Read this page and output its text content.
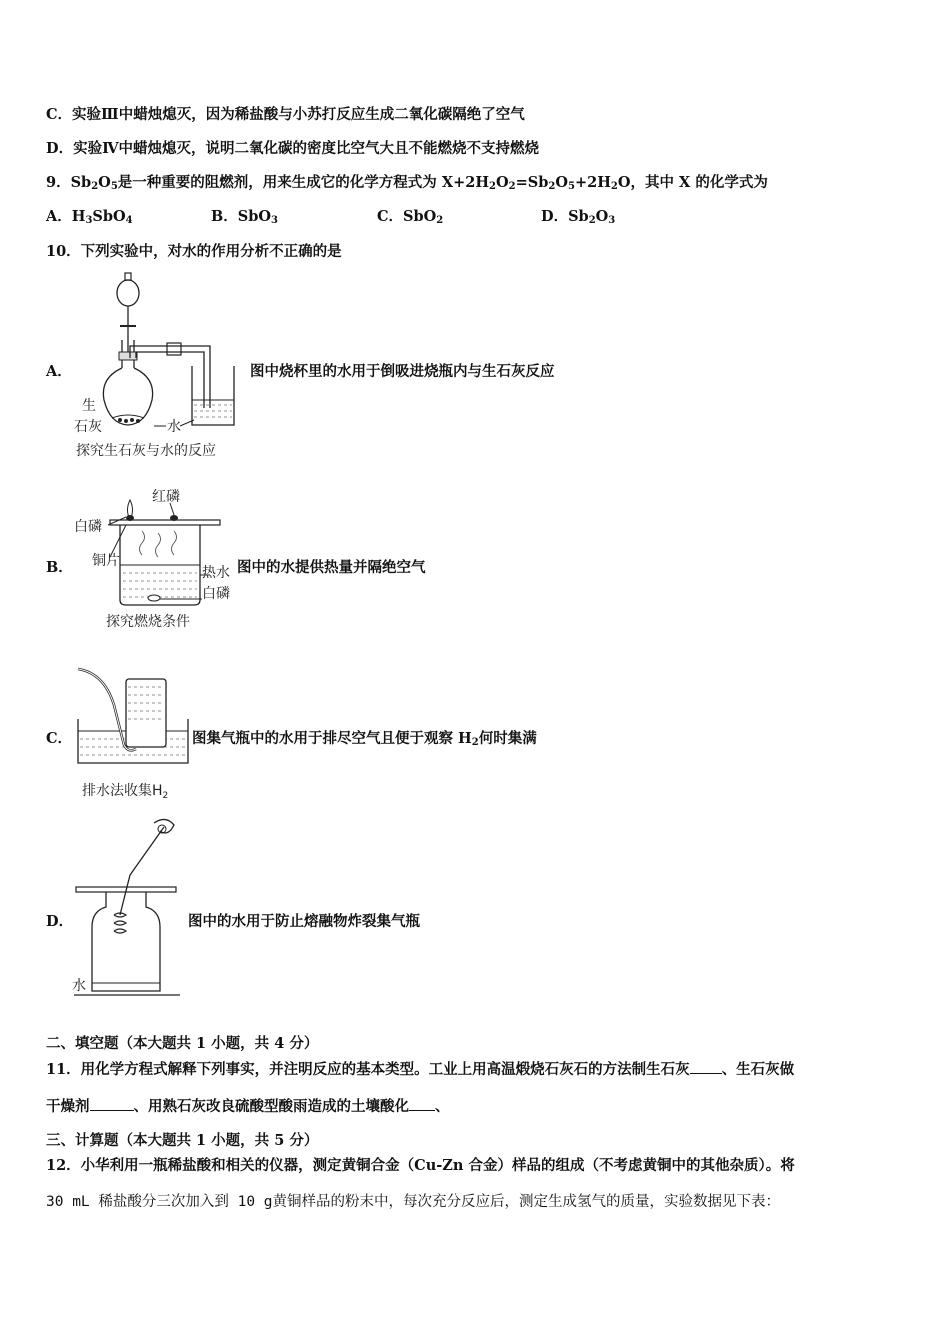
C．实验Ⅲ中蜡烛熄灭，因为稀盐酸与小苏打反应生成二氧化碳隔绝了空气
D．实验Ⅳ中蜡烛熄灭，说明二氧化碳的密度比空气大且不能燃烧不支持燃烧
9．$Sb_2O_5$是一种重要的阻燃剂，用来生成它的化学方程式为 $X+2H_2O_2=Sb_2O_5+2H_2O$，其中 X 的化学式为
A．$H_3SbO_4$	B．SbO$_3$	C．SbO$_2$	D．$Sb_2O_3$
10．下列实验中，对水的作用分析不正确的是
A．
生
石灰	水
探究生石灰与水的反应
图中烧杯里的水用于倒吸进烧瓶内与生石灰反应
B．
红磷
白磷
铜片
热水
白磷
探究燃烧条件
图中的水提供热量并隔绝空气
C．
排水法收集$H_2$
图集气瓶中的水用于排尽空气且便于观察 $H_2$何时集满
D．
水
图中的水用于防止熔融物炸裂集气瓶
二、填空题（本大题共 1 小题，共 4 分）
11．用化学方程式解释下列事实，并注明反应的基本类型。工业上用高温煅烧石灰石的方法制生石灰 、生石灰做
干燥剂	、用熟石灰改良硫酸型酸雨造成的土壤酸化 、
三、计算题（本大题共 1 小题，共 5 分）
12．小华利用一瓶稀盐酸和相关的仪器，测定黄铜合金（Cu-Zn 合金）样品的组成（不考虑黄铜中的其他杂质）。将
30 mL 稀盐酸分三次加入到 10 g黄铜样品的粉末中，每次充分反应后，测定生成氢气的质量，实验数据见下表：
